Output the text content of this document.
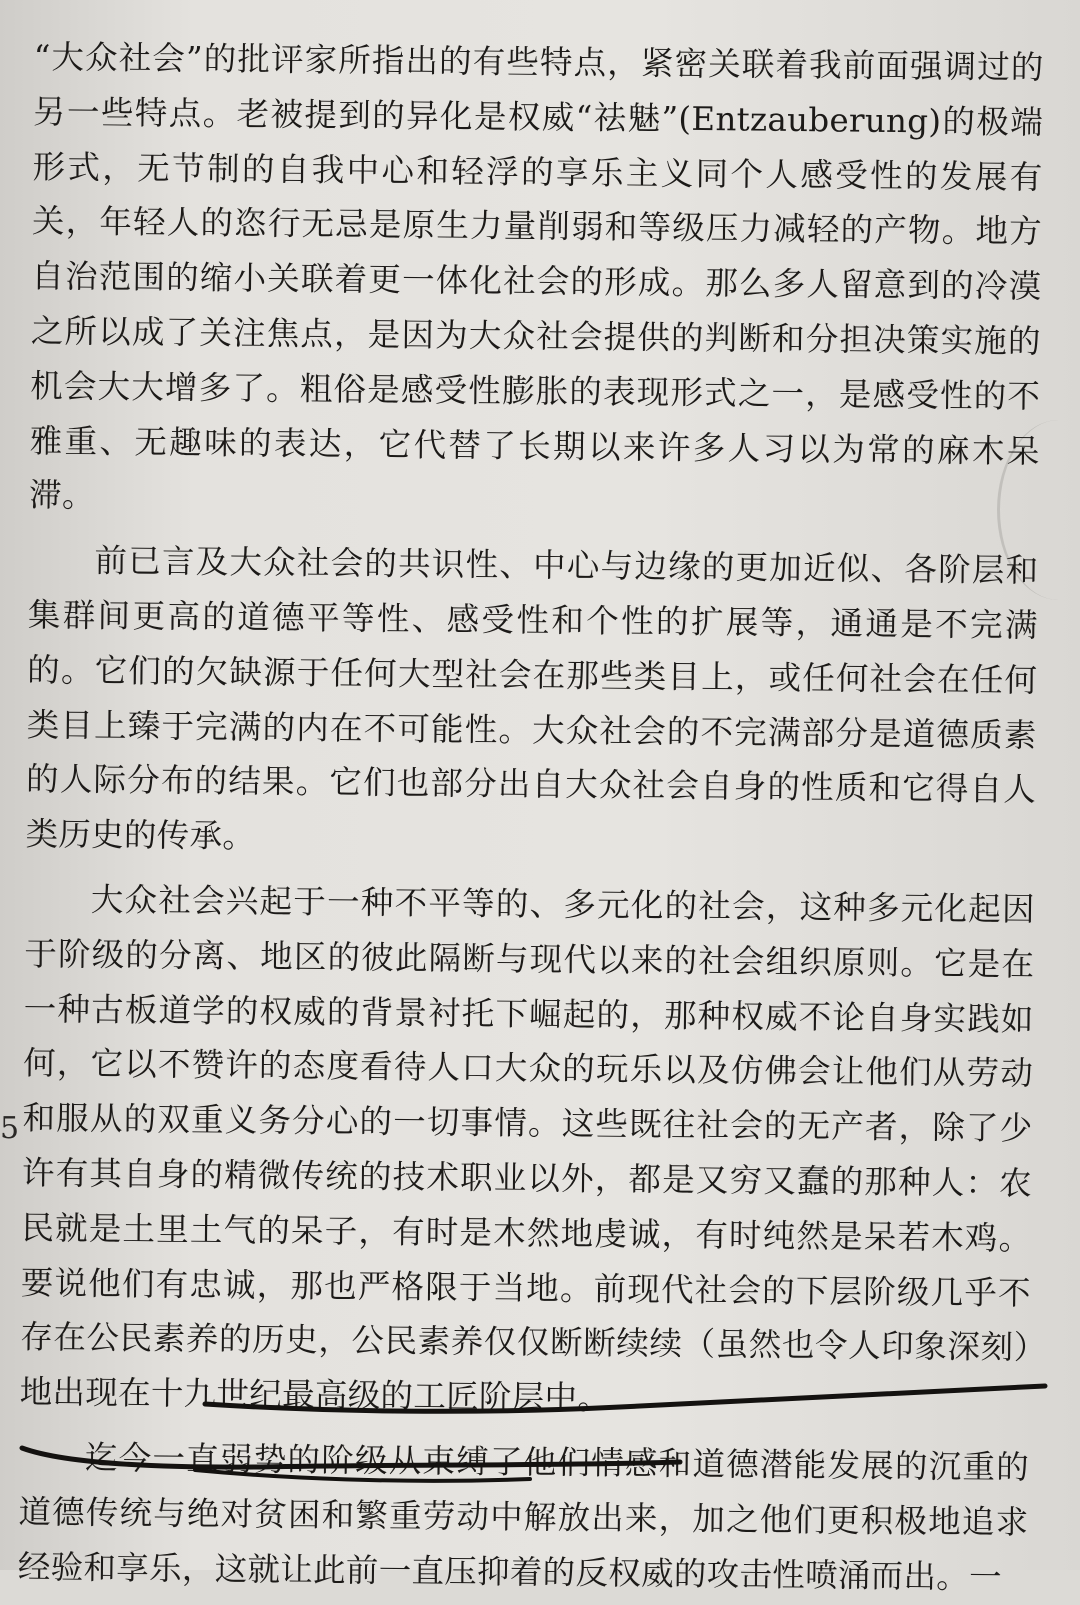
“大众社会”的批评家所指出的有些特点，紧密关联着我前面强调过的另一些特点。老被提到的异化是权威“祛魅”(Entzauberung)的极端形式，无节制的自我中心和轻浮的享乐主义同个人感受性的发展有关，年轻人的恣行无忌是原生力量削弱和等级压力减轻的产物。地方自治范围的缩小关联着更一体化社会的形成。那么多人留意到的冷漠之所以成了关注焦点，是因为大众社会提供的判断和分担决策实施的机会大大增多了。粗俗是感受性膨胀的表现形式之一，是感受性的不雅重、无趣味的表达，它代替了长期以来许多人习以为常的麻木呆滞。

前已言及大众社会的共识性、中心与边缘的更加近似、各阶层和集群间更高的道德平等性、感受性和个性的扩展等，通通是不完满的。它们的欠缺源于任何大型社会在那些类目上，或任何社会在任何类目上臻于完满的内在不可能性。大众社会的不完满部分是道德质素的人际分布的结果。它们也部分出自大众社会自身的性质和它得自人类历史的传承。

大众社会兴起于一种不平等的、多元化的社会，这种多元化起因于阶级的分离、地区的彼此隔断与现代以来的社会组织原则。它是在一种古板道学的权威的背景衬托下崛起的，那种权威不论自身实践如何，它以不赞许的态度看待人口大众的玩乐以及仿佛会让他们从劳动和服从的双重义务分心的一切事情。这些既往社会的无产者，除了少许有其自身的精微传统的技术职业以外，都是又穷又蠢的那种人：农民就是土里土气的呆子，有时是木然地虔诚，有时纯然是呆若木鸡。要说他们有忠诚，那也严格限于当地。前现代社会的下层阶级几乎不存在公民素养的历史，公民素养仅仅断断续续（虽然也令人印象深刻）地出现在十九世纪最高级的工匠阶层中。

迄今一直弱势的阶级从束缚了他们情感和道德潜能发展的沉重的道德传统与绝对贫困和繁重劳动中解放出来，加之他们更积极地追求经验和享乐，这就让此前一直压抑着的反权威的攻击性喷涌而出。一

5
